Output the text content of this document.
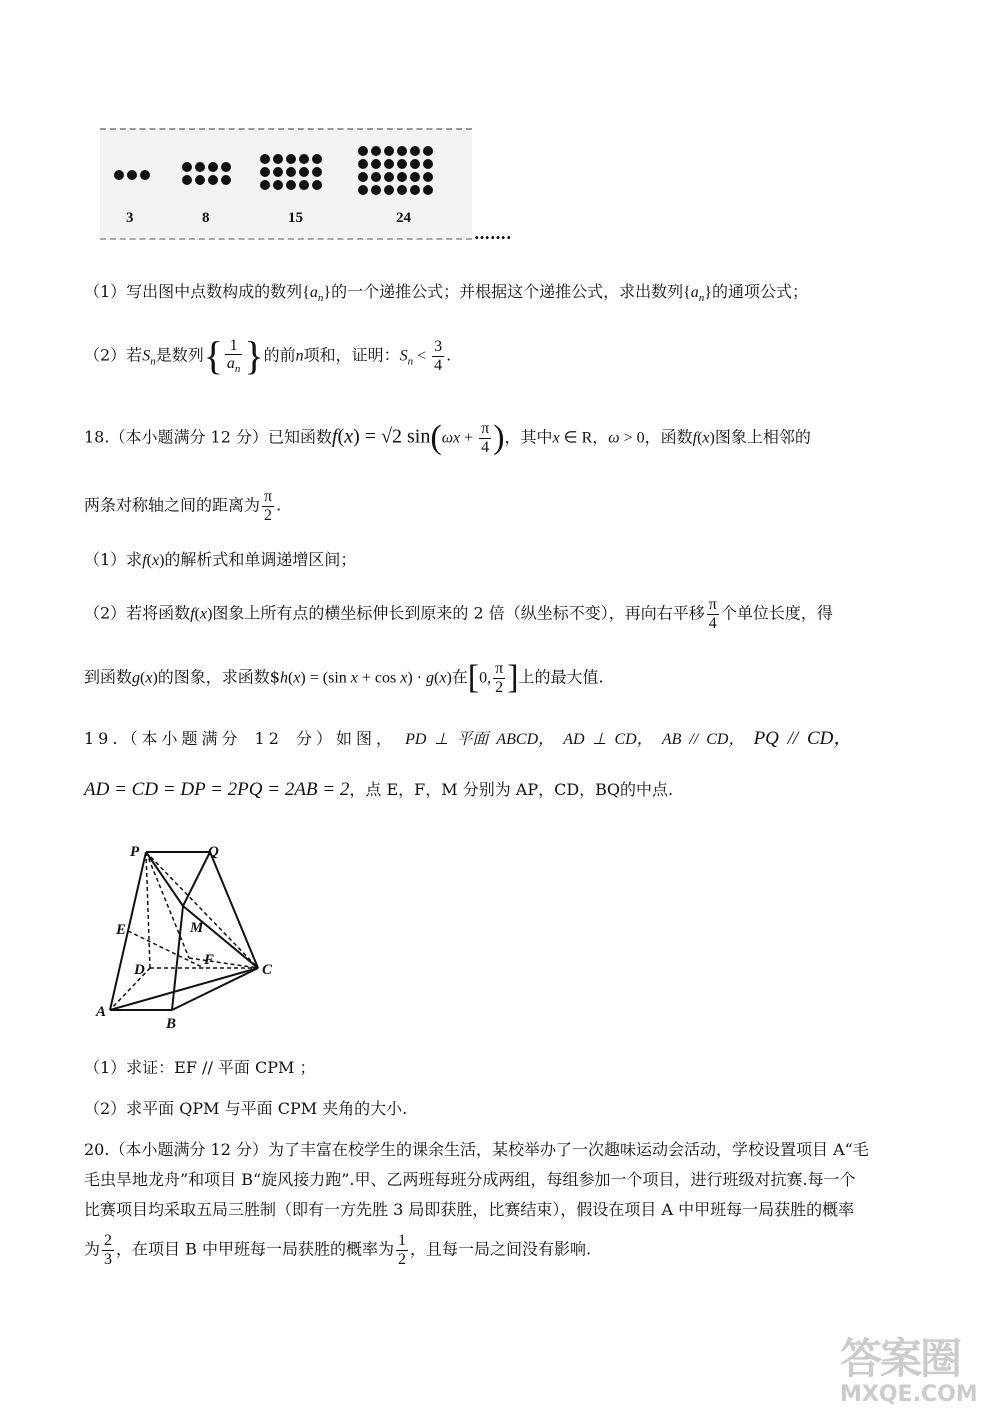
3	8	15	24
…….
（1）写出图中点数构成的数列$\{a_n\}$的一个递推公式；并根据这个递推公式，求出数列$\{a_n\}$的通项公式；
（2）若$S_n$是数列{ $\frac{1}{a_n}$ }的前n项和，证明：$S_n < \frac{3}{4}$ .
18.（本小题满分 12 分）已知函数f(x) = √2 $\sin(\omega x + \frac{\pi}{4}$ )，其中x ∈ R，ω > 0，函数f(x)图象上相邻的
两条对称轴之间的距离为 $\frac{\pi}{2}$ .
（1）求f(x)的解析式和单调递增区间；
（2）若将函数f(x)图象上所有点的横坐标伸长到原来的 2 倍（纵坐标不变），再向右平移 $\frac{\pi}{4}$ 个单位长度，得
到函数g(x)的图象，求函数$h(x) = (sin x + cos x) · g(x)在[0, $\frac{\pi}{2}$ ]上的最大值.
19.（本小题满分 12 分）如图， PD ⊥ 平面 ABCD， AD ⊥ CD， AB // CD， PQ // CD，
AD = CD = DP = 2PQ = 2AB = 2，点 E，F，M 分别为 AP，CD，BQ的中点.
P	Q
E	M
D
F
C
A
B
（1）求证：EF // 平面 CPM ；
（2）求平面 QPM 与平面 CPM 夹角的大小.
20.（本小题满分 12 分）为了丰富在校学生的课余生活，某校举办了一次趣味运动会活动，学校设置项目 A“毛
毛虫旱地龙舟”和项目 B“旋风接力跑”.甲、乙两班每班分成两组，每组参加一个项目，进行班级对抗赛.每一个
比赛项目均采取五局三胜制（即有一方先胜 3 局即获胜，比赛结束），假设在项目 A 中甲班每一局获胜的概率
为 $\frac{2}{3}$ ，在项目 B 中甲班每一局获胜的概率为 $\frac{1}{2}$ ，且每一局之间没有影响.
答案圈
MXQE.COM
